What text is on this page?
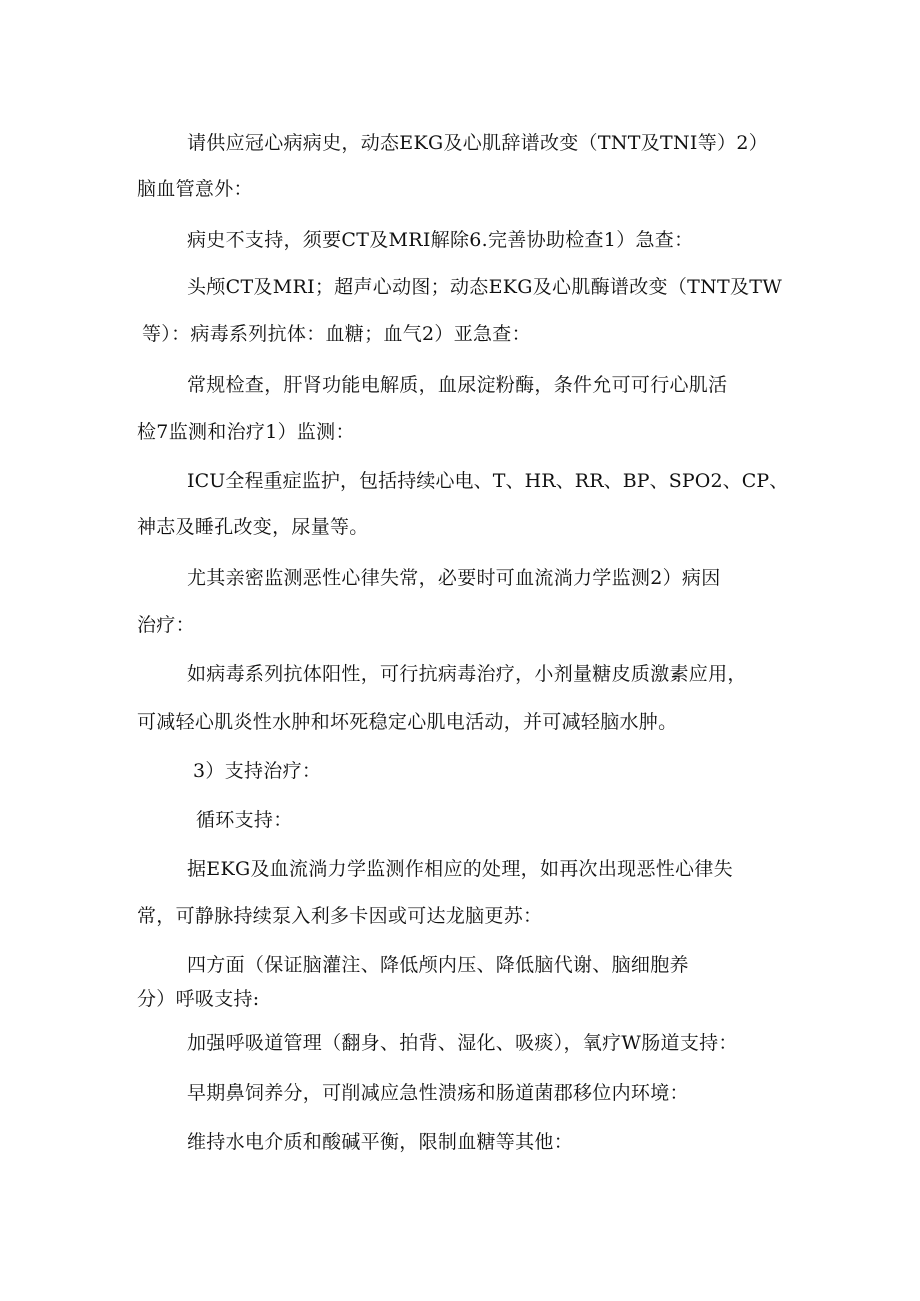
请供应冠心病病史，动态EKG及心肌辞谱改变（TNT及TNI等）2）
脑血管意外：
病史不支持，须要CT及MRI解除6.完善协助检查1）急查：
头颅CT及MRI；超声心动图；动态EKG及心肌酶谱改变（TNT及TW
等）：病毒系列抗体：血糖；血气2）亚急查：
常规检查，肝肾功能电解质，血尿淀粉酶，条件允可可行心肌活
检7监测和治疗1）监测：
ICU全程重症监护，包括持续心电、T、HR、RR、BP、SPO2、CP、
神志及睡孔改变，尿量等。
尤其亲密监测恶性心律失常，必要时可血流淌力学监测2）病因
治疗：
如病毒系列抗体阳性，可行抗病毒治疗，小剂量糖皮质激素应用，
可减轻心肌炎性水肿和坏死稳定心肌电活动，并可减轻脑水肿。
3）支持治疗：
循环支持：
据EKG及血流淌力学监测作相应的处理，如再次出现恶性心律失
常，可静脉持续泵入利多卡因或可达龙脑更苏：
四方面（保证脑灌注、降低颅内压、降低脑代谢、脑细胞养
分）呼吸支持:
加强呼吸道管理（翻身、拍背、湿化、吸痰），氧疗W肠道支持：
早期鼻饲养分，可削减应急性溃疡和肠道菌郡移位内环境：
维持水电介质和酸碱平衡，限制血糖等其他：
